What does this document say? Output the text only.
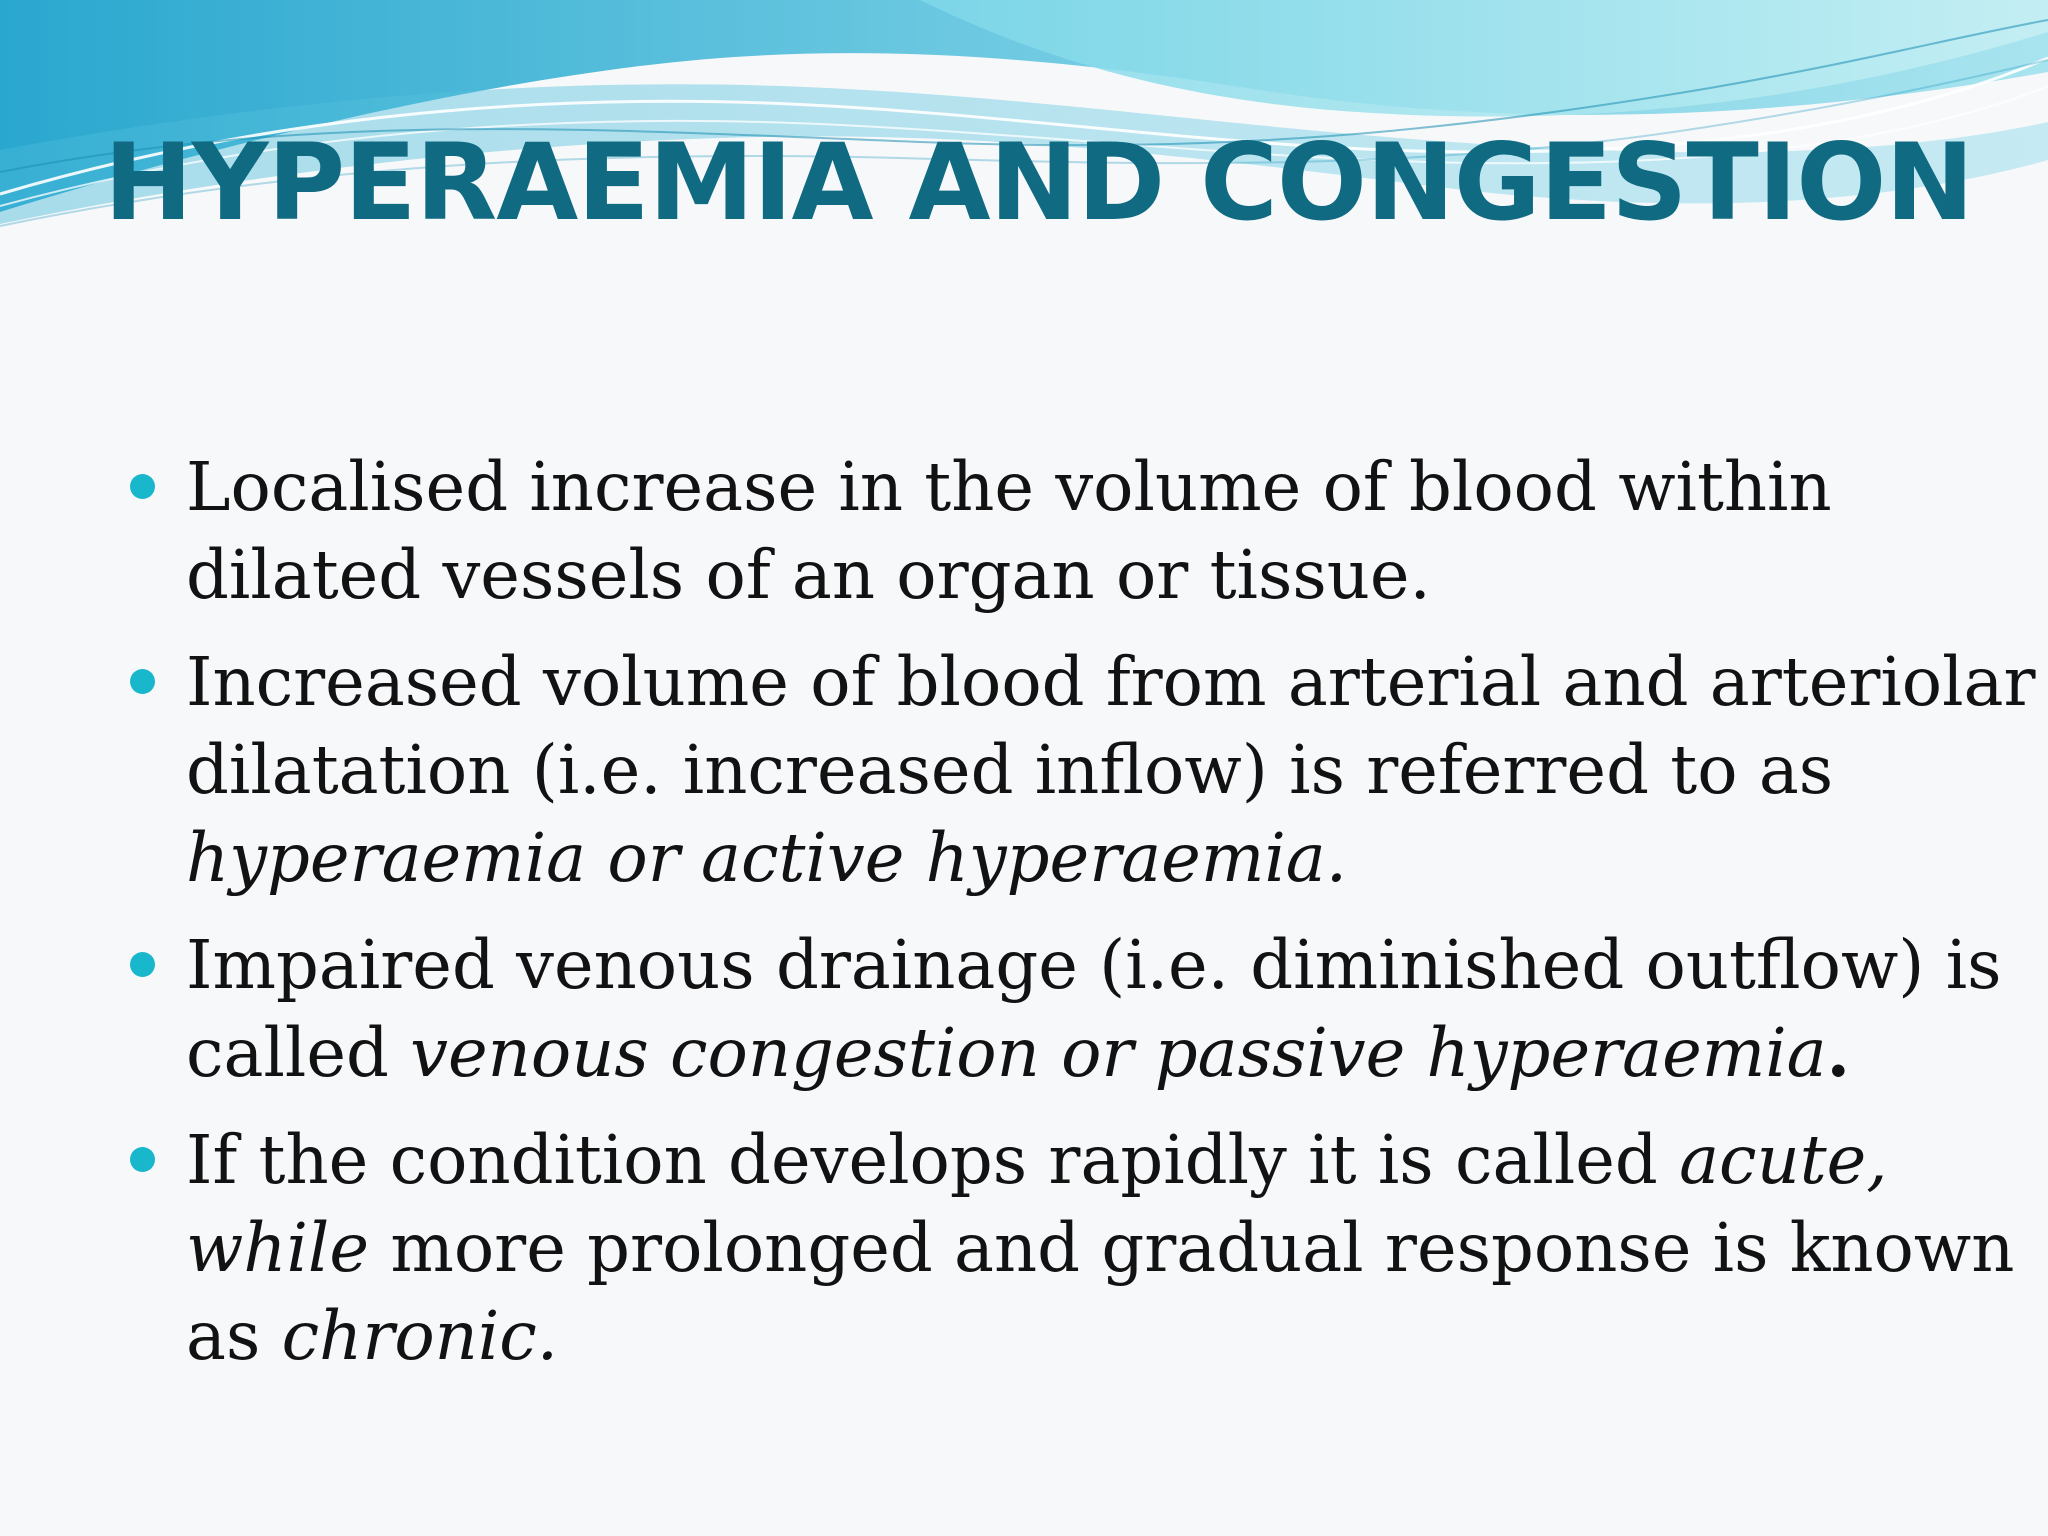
HYPERAEMIA AND CONGESTION
Localised increase in the volume of blood within
dilated vessels of an organ or tissue.
Increased volume of blood from arterial and arteriolar
dilatation (i.e. increased inflow) is referred to as
hyperaemia or active hyperaemia.
Impaired venous drainage (i.e. diminished outflow) is
called venous congestion or passive hyperaemia.
If the condition develops rapidly it is called acute,
while more prolonged and gradual response is known
as chronic.
